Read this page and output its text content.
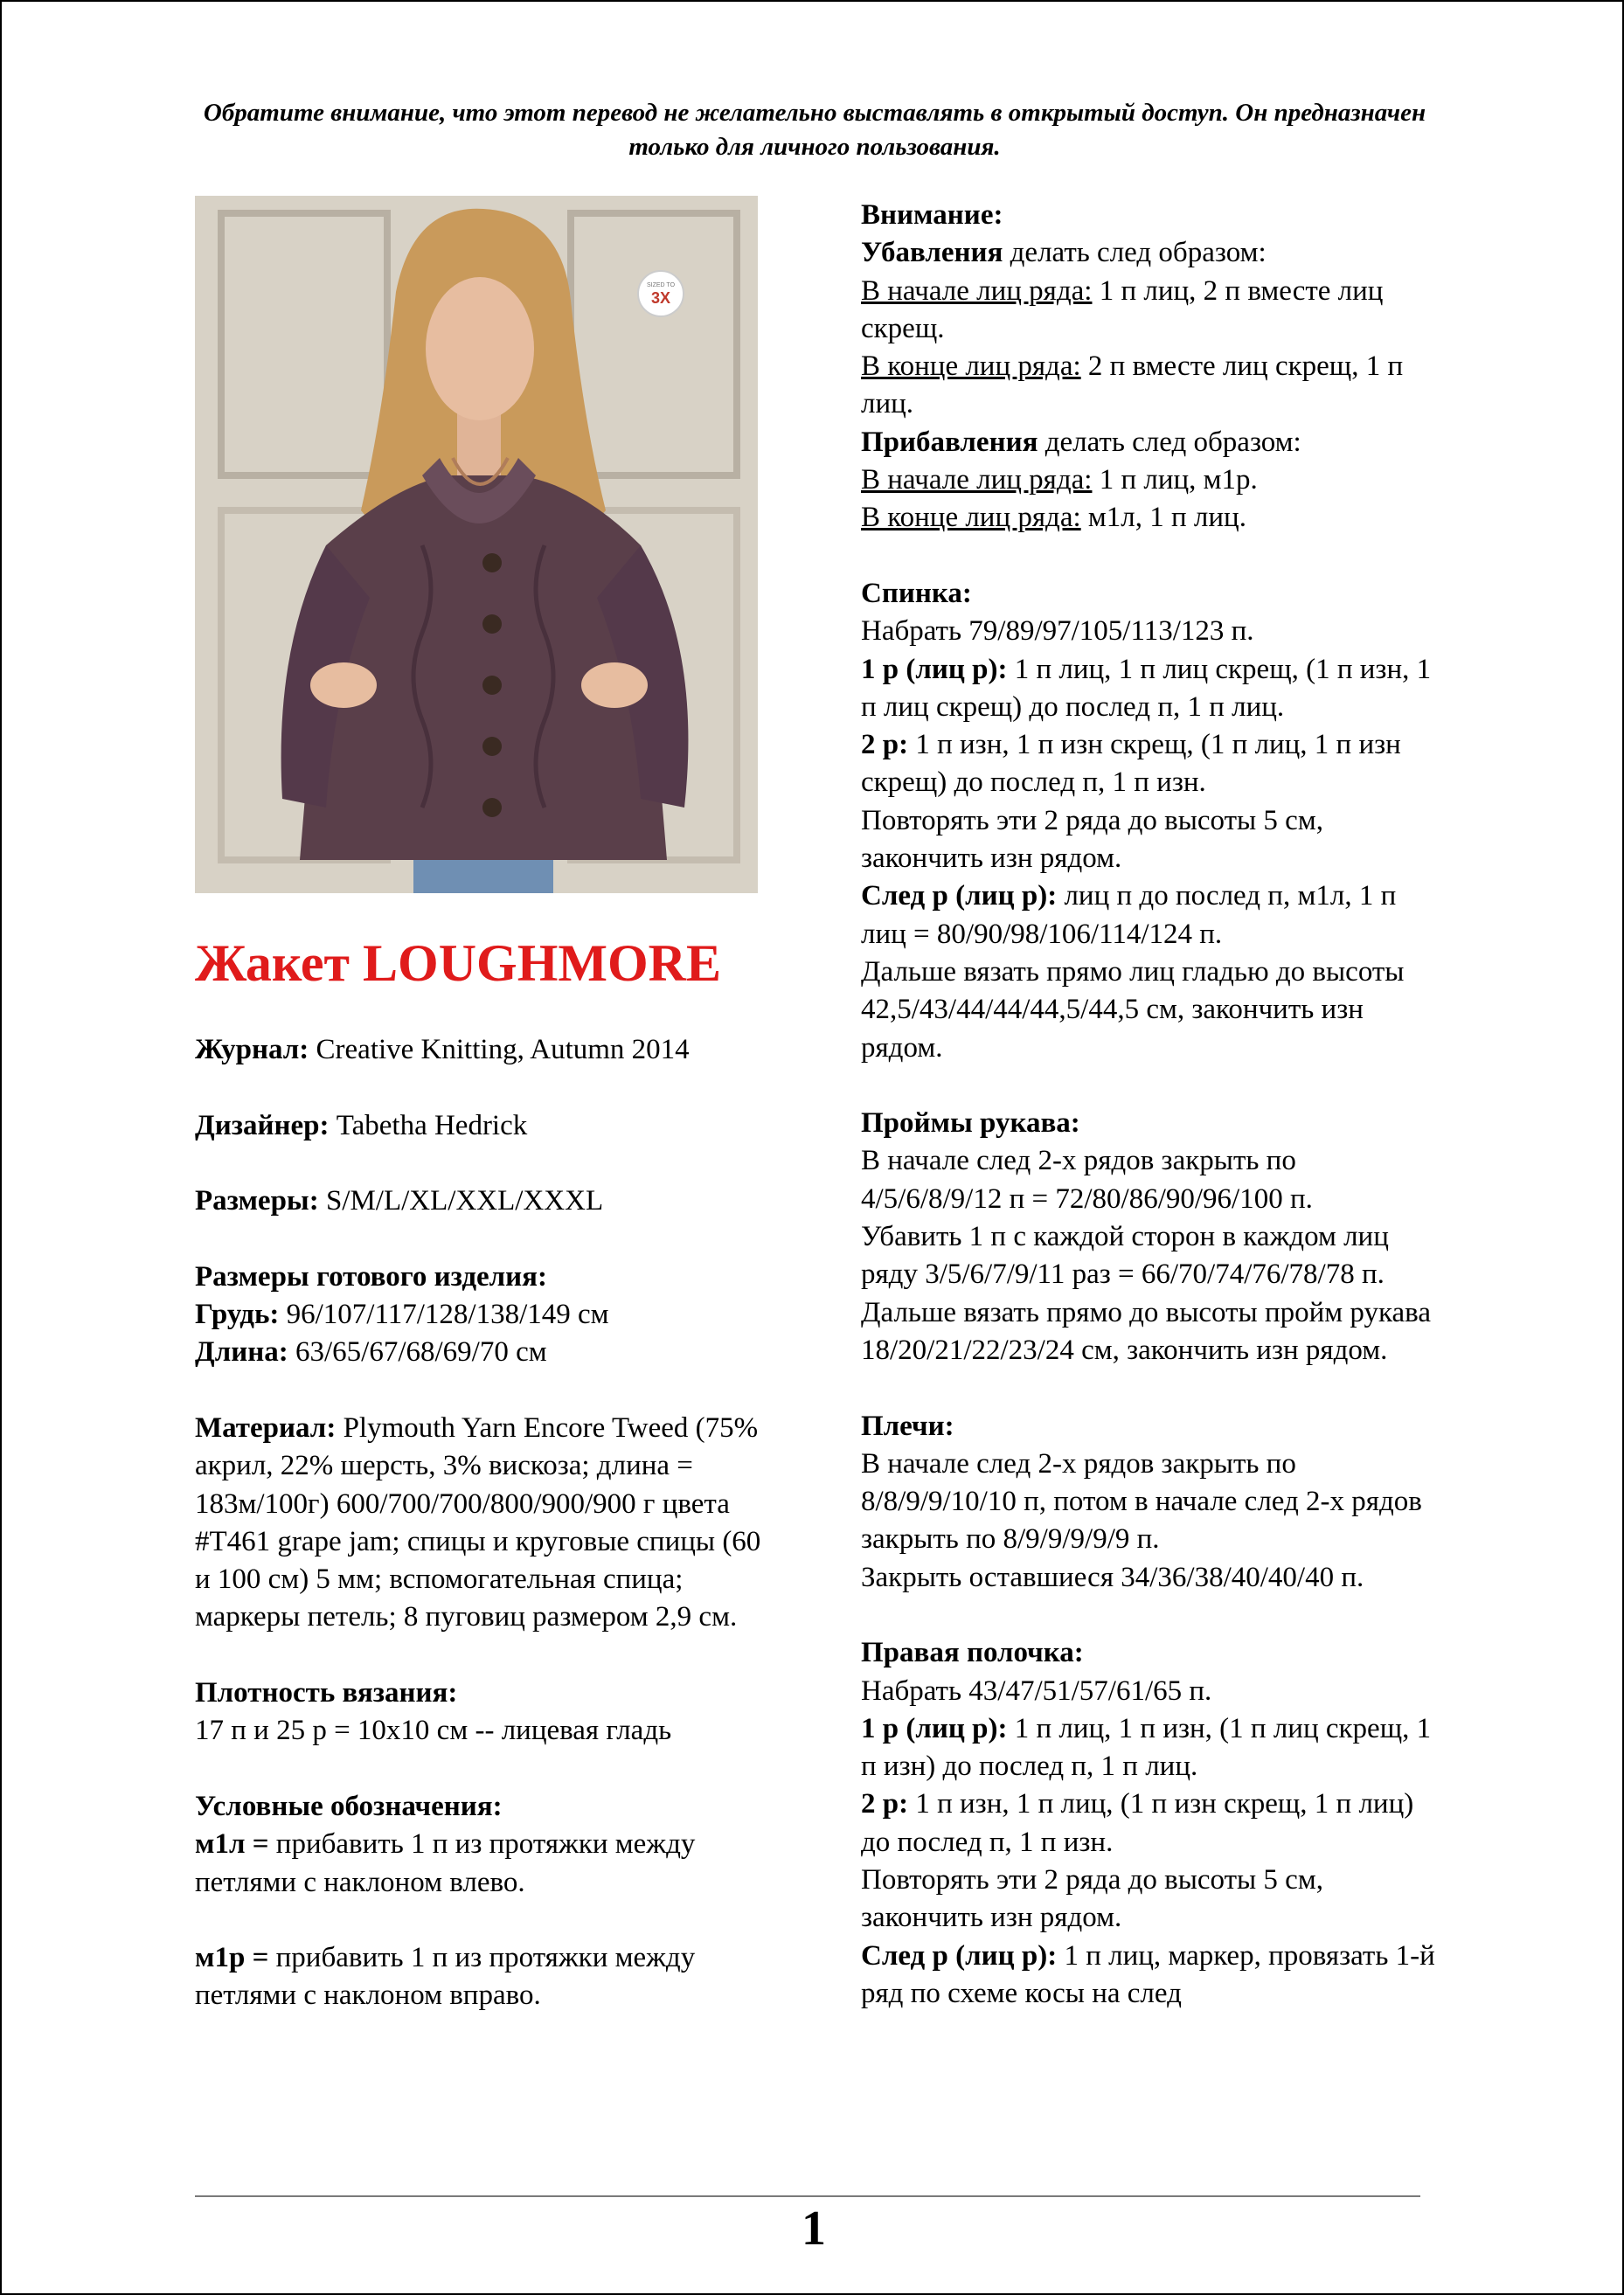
Обратите внимание, что этот перевод не желательно выставлять в открытый доступ. Он предназначен только для личного пользования.
SIZED TO
3X
Жакет LOUGHMORE

Журнал: Creative Knitting, Autumn 2014

Дизайнер: Tabetha Hedrick

Размеры: S/M/L/XL/XXL/XXXL

Размеры готового изделия:

Грудь: 96/107/117/128/138/149 см

Длина: 63/65/67/68/69/70 см

Материал: Plymouth Yarn Encore Tweed (75% акрил, 22% шерсть, 3% вискоза; длина = 183м/100г) 600/700/700/800/900/900 г цвета #T461 grape jam; спицы и круговые спицы (60 и 100 см) 5 мм; вспомогательная спица; маркеры петель; 8 пуговиц размером 2,9 см.

Плотность вязания:

17 п и 25 р = 10х10 см -- лицевая гладь

Условные обозначения:

м1л = прибавить 1 п из протяжки между петлями с наклоном влево.

м1р = прибавить 1 п из протяжки между петлями с наклоном вправо.

Внимание:

Убавления делать след образом:

В начале лиц ряда: 1 п лиц, 2 п вместе лиц скрещ.

В конце лиц ряда: 2 п вместе лиц скрещ, 1 п лиц.

Прибавления делать след образом:

В начале лиц ряда: 1 п лиц, м1р.

В конце лиц ряда: м1л, 1 п лиц.

Спинка:

Набрать 79/89/97/105/113/123 п.

1 р (лиц р): 1 п лиц, 1 п лиц скрещ, (1 п изн, 1 п лиц скрещ) до послед п, 1 п лиц.

2 р: 1 п изн, 1 п изн скрещ, (1 п лиц, 1 п изн скрещ) до послед п, 1 п изн.

Повторять эти 2 ряда до высоты 5 см, закончить изн рядом.

След р (лиц р): лиц п до послед п, м1л, 1 п лиц = 80/90/98/106/114/124 п.

Дальше вязать прямо лиц гладью до высоты 42,5/43/44/44/44,5/44,5 см, закончить изн рядом.

Проймы рукава:

В начале след 2-х рядов закрыть по 4/5/6/8/9/12 п = 72/80/86/90/96/100 п.

Убавить 1 п с каждой сторон в каждом лиц ряду 3/5/6/7/9/11 раз = 66/70/74/76/78/78 п.

Дальше вязать прямо до высоты пройм рукава 18/20/21/22/23/24 см, закончить изн рядом.

Плечи:

В начале след 2-х рядов закрыть по 8/8/9/9/10/10 п, потом в начале след 2-х рядов закрыть по 8/9/9/9/9/9 п.

Закрыть оставшиеся 34/36/38/40/40/40 п.

Правая полочка:

Набрать 43/47/51/57/61/65 п.

1 р (лиц р): 1 п лиц, 1 п изн, (1 п лиц скрещ, 1 п изн) до послед п, 1 п лиц.

2 р: 1 п изн, 1 п лиц, (1 п изн скрещ, 1 п лиц) до послед п, 1 п изн.

Повторять эти 2 ряда до высоты 5 см, закончить изн рядом.

След р (лиц р): 1 п лиц, маркер, провязать 1-й ряд по схеме косы на след

1
